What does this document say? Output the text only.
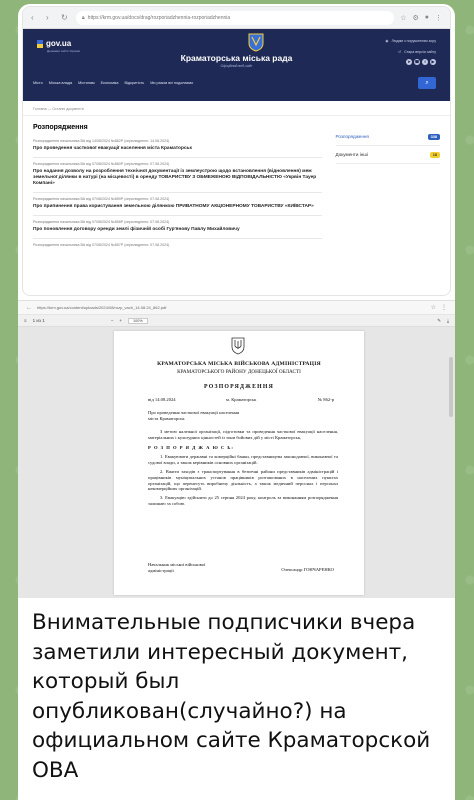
‹	›	↻	🔒︎ https://krm.gov.ua/docs/drag/rozporiadzhennia-rozporiadzhennia	☆ ⚙ ● ⋮
gov.ua
Державні сайти України
Краматорська міська рада
Офіційний веб-сайт
◉ Людям з порушенням зору
↺ Стара версія сайту
➤ ☎	f	▶
Місто Міська влада Містянам Економіка Відкритість Ми разом всі подолаємо	⌕
Головна — Останні документи
Розпорядження
Розпорядження начальника ВА від 14/08/2024 №862Р (оприлюднено: 14.08.2024)
Про проведення часткової евакуації населення міста Краматорськ
Розпорядження начальника ВА від 07/08/2024 №860Р (оприлюднено: 07.08.2024)
Про надання дозволу на розроблення технічної документації із землеустрою щодо встановлення (відновлення) меж земельної ділянки в натурі (на місцевості) в оренду ТОВАРИСТВУ З ОБМЕЖЕНОЮ ВІДПОВІДАЛЬНІСТЮ «Укрвін Тауер Компані»
Розпорядження начальника ВА від 07/08/2024 №859Р (оприлюднено: 07.08.2024)
Про припинення права користування земельною ділянкою ПРИВАТНОМУ АКЦІОНЕРНОМУ ТОВАРИСТВУ «КИЇВСТАР»
Розпорядження начальника ВА від 07/08/2024 №858Р (оприлюднено: 07.08.2024)
Про поновлення договору оренди землі фізичній особі Гур'янову Павлу Михайловичу
Розпорядження начальника ВА від 07/08/2024 №857Р (оприлюднено: 07.08.2024)
Розпорядження	338
Документи інші	18
← https://krm.gov.ua/content/uploads/2024/08/rozp_vach_14.08.24_862.pdf	☆ ⋮
≡ 1 из 1	− +	100%	✎ ⤓
КРАМАТОРСЬКА МІСЬКА ВІЙСЬКОВА АДМІНІСТРАЦІЯ
КРАМАТОРСЬКОГО РАЙОНУ ДОНЕЦЬКОЇ ОБЛАСТІ
РОЗПОРЯДЖЕННЯ
від 14.08.2024	м. Краматорськ	№ 862-р
Про проведення часткової евакуації населення міста Краматорськ

З метою належної організації, підготовки та проведення часткової евакуації населення, матеріальних і культурних цінностей із зони бойових дій у місті Краматорськ,

Р О З П О Р Я Д Ж А Ю С Ь:

1. Евакуювати державні та комерційні банки, представництва законодавчої, виконавчої та судової влади, а також керівників основних організацій.

2. Вжити заходів з транспортування в безпечні райони представників адміністрацій і працівників муніципальних установ працівників розташованих в населених пунктах організацій, що перенесуть виробничу діяльність, а також медичний персонал і персонал некомерційних організацій.

3. Евакуацію здійснити до 25 серпня 2024 року, контроль за виконанням розпорядження залишаю за собою.

Начальник міської військової адміністрації	Олександр ГОНЧАРЕНКО
Внимательные подписчики вчера заметили интересный документ, который был опубликован(случайно?) на официальном сайте Краматорской ОВА
